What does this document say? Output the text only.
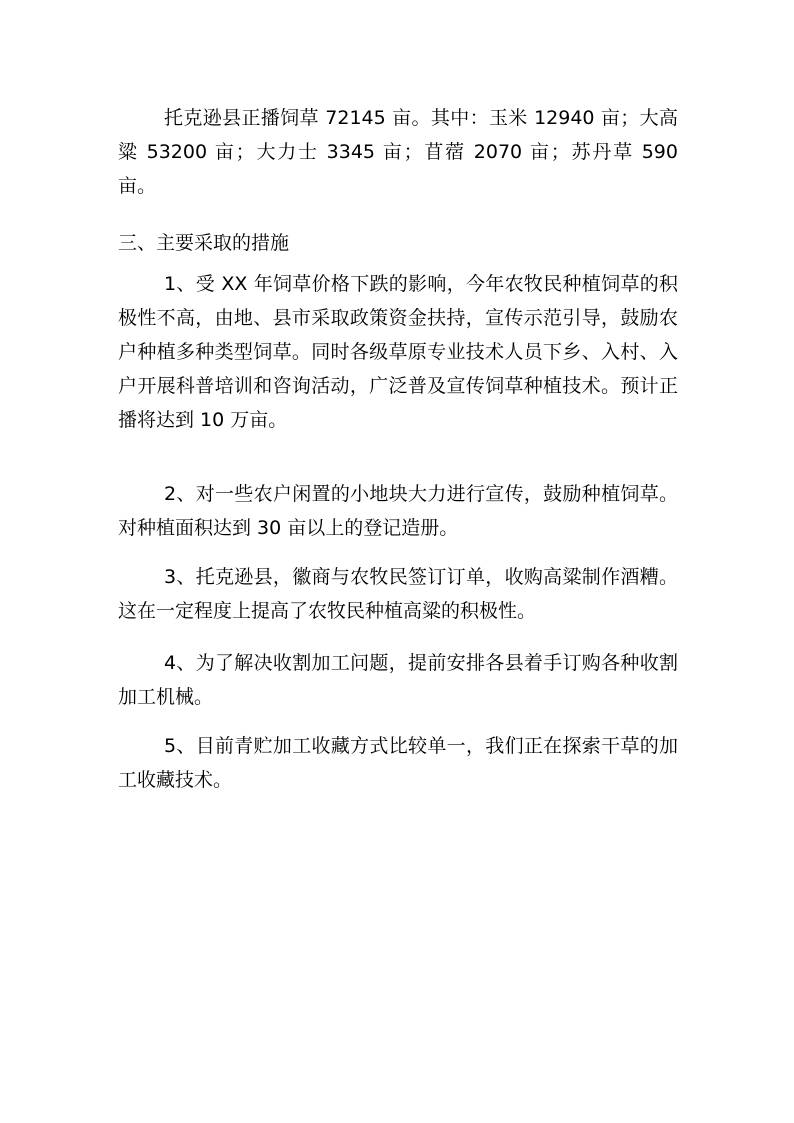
托克逊县正播饲草 72145 亩。其中：玉米 12940 亩；大高粱 53200 亩；大力士 3345 亩；苜蓿 2070 亩；苏丹草 590 亩。

三、主要采取的措施

1、受 XX 年饲草价格下跌的影响，今年农牧民种植饲草的积极性不高，由地、县市采取政策资金扶持，宣传示范引导，鼓励农户种植多种类型饲草。同时各级草原专业技术人员下乡、入村、入户开展科普培训和咨询活动，广泛普及宣传饲草种植技术。预计正播将达到 10 万亩。

2、对一些农户闲置的小地块大力进行宣传，鼓励种植饲草。对种植面积达到 30 亩以上的登记造册。

3、托克逊县，徽商与农牧民签订订单，收购高粱制作酒糟。这在一定程度上提高了农牧民种植高粱的积极性。

4、为了解决收割加工问题，提前安排各县着手订购各种收割加工机械。

5、目前青贮加工收藏方式比较单一，我们正在探索干草的加工收藏技术。
